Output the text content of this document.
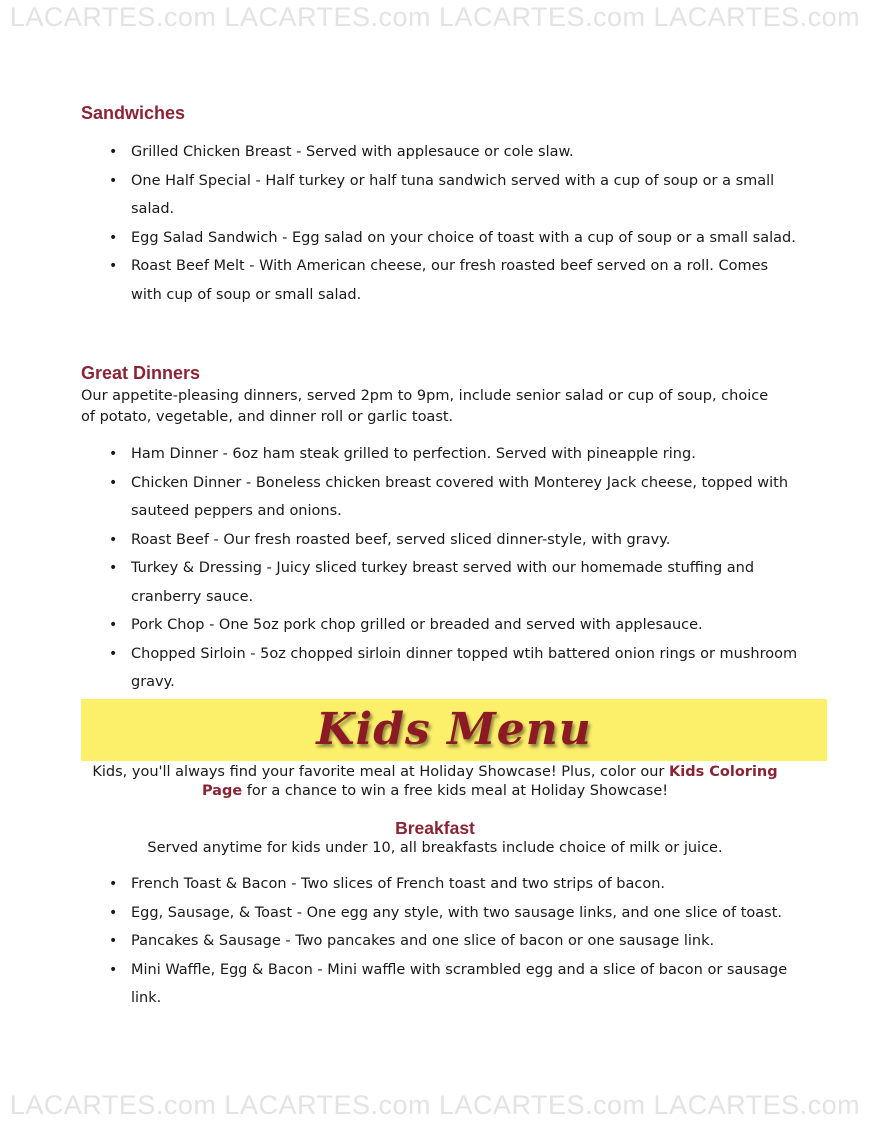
LACARTES.com LACARTES.com LACARTES.com LACARTES.com
Sandwiches
• Grilled Chicken Breast - Served with applesauce or cole slaw.
• One Half Special - Half turkey or half tuna sandwich served with a cup of soup or a small salad.
• Egg Salad Sandwich - Egg salad on your choice of toast with a cup of soup or a small salad.
• Roast Beef Melt - With American cheese, our fresh roasted beef served on a roll. Comes with cup of soup or small salad.
Great Dinners
Our appetite-pleasing dinners, served 2pm to 9pm, include senior salad or cup of soup, choice of potato, vegetable, and dinner roll or garlic toast.
• Ham Dinner - 6oz ham steak grilled to perfection. Served with pineapple ring.
• Chicken Dinner - Boneless chicken breast covered with Monterey Jack cheese, topped with sauteed peppers and onions.
• Roast Beef - Our fresh roasted beef, served sliced dinner-style, with gravy.
• Turkey & Dressing - Juicy sliced turkey breast served with our homemade stuffing and cranberry sauce.
• Pork Chop - One 5oz pork chop grilled or breaded and served with applesauce.
• Chopped Sirloin - 5oz chopped sirloin dinner topped wtih battered onion rings or mushroom gravy.
Kids Menu
Kids, you'll always find your favorite meal at Holiday Showcase! Plus, color our Kids Coloring Page for a chance to win a free kids meal at Holiday Showcase!
Breakfast
Served anytime for kids under 10, all breakfasts include choice of milk or juice.
• French Toast & Bacon - Two slices of French toast and two strips of bacon.
• Egg, Sausage, & Toast - One egg any style, with two sausage links, and one slice of toast.
• Pancakes & Sausage - Two pancakes and one slice of bacon or one sausage link.
• Mini Waffle, Egg & Bacon - Mini waffle with scrambled egg and a slice of bacon or sausage link.
LACARTES.com LACARTES.com LACARTES.com LACARTES.com
